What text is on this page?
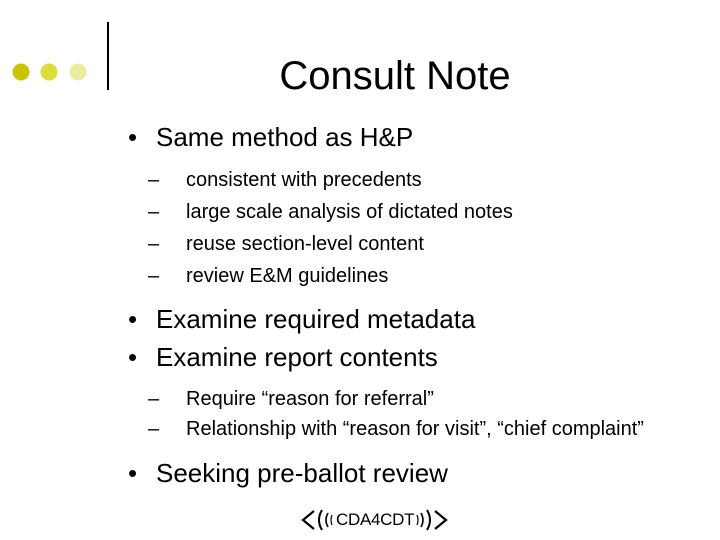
Consult Note
• Same method as H&P
–	consistent with precedents
–	large scale analysis of dictated notes
–	reuse section-level content
–	review E&M guidelines
• Examine required metadata
• Examine report contents
–	Require “reason for referral”
–	Relationship with “reason for visit”, “chief complaint”
• Seeking pre-ballot review
CDA4CDT
